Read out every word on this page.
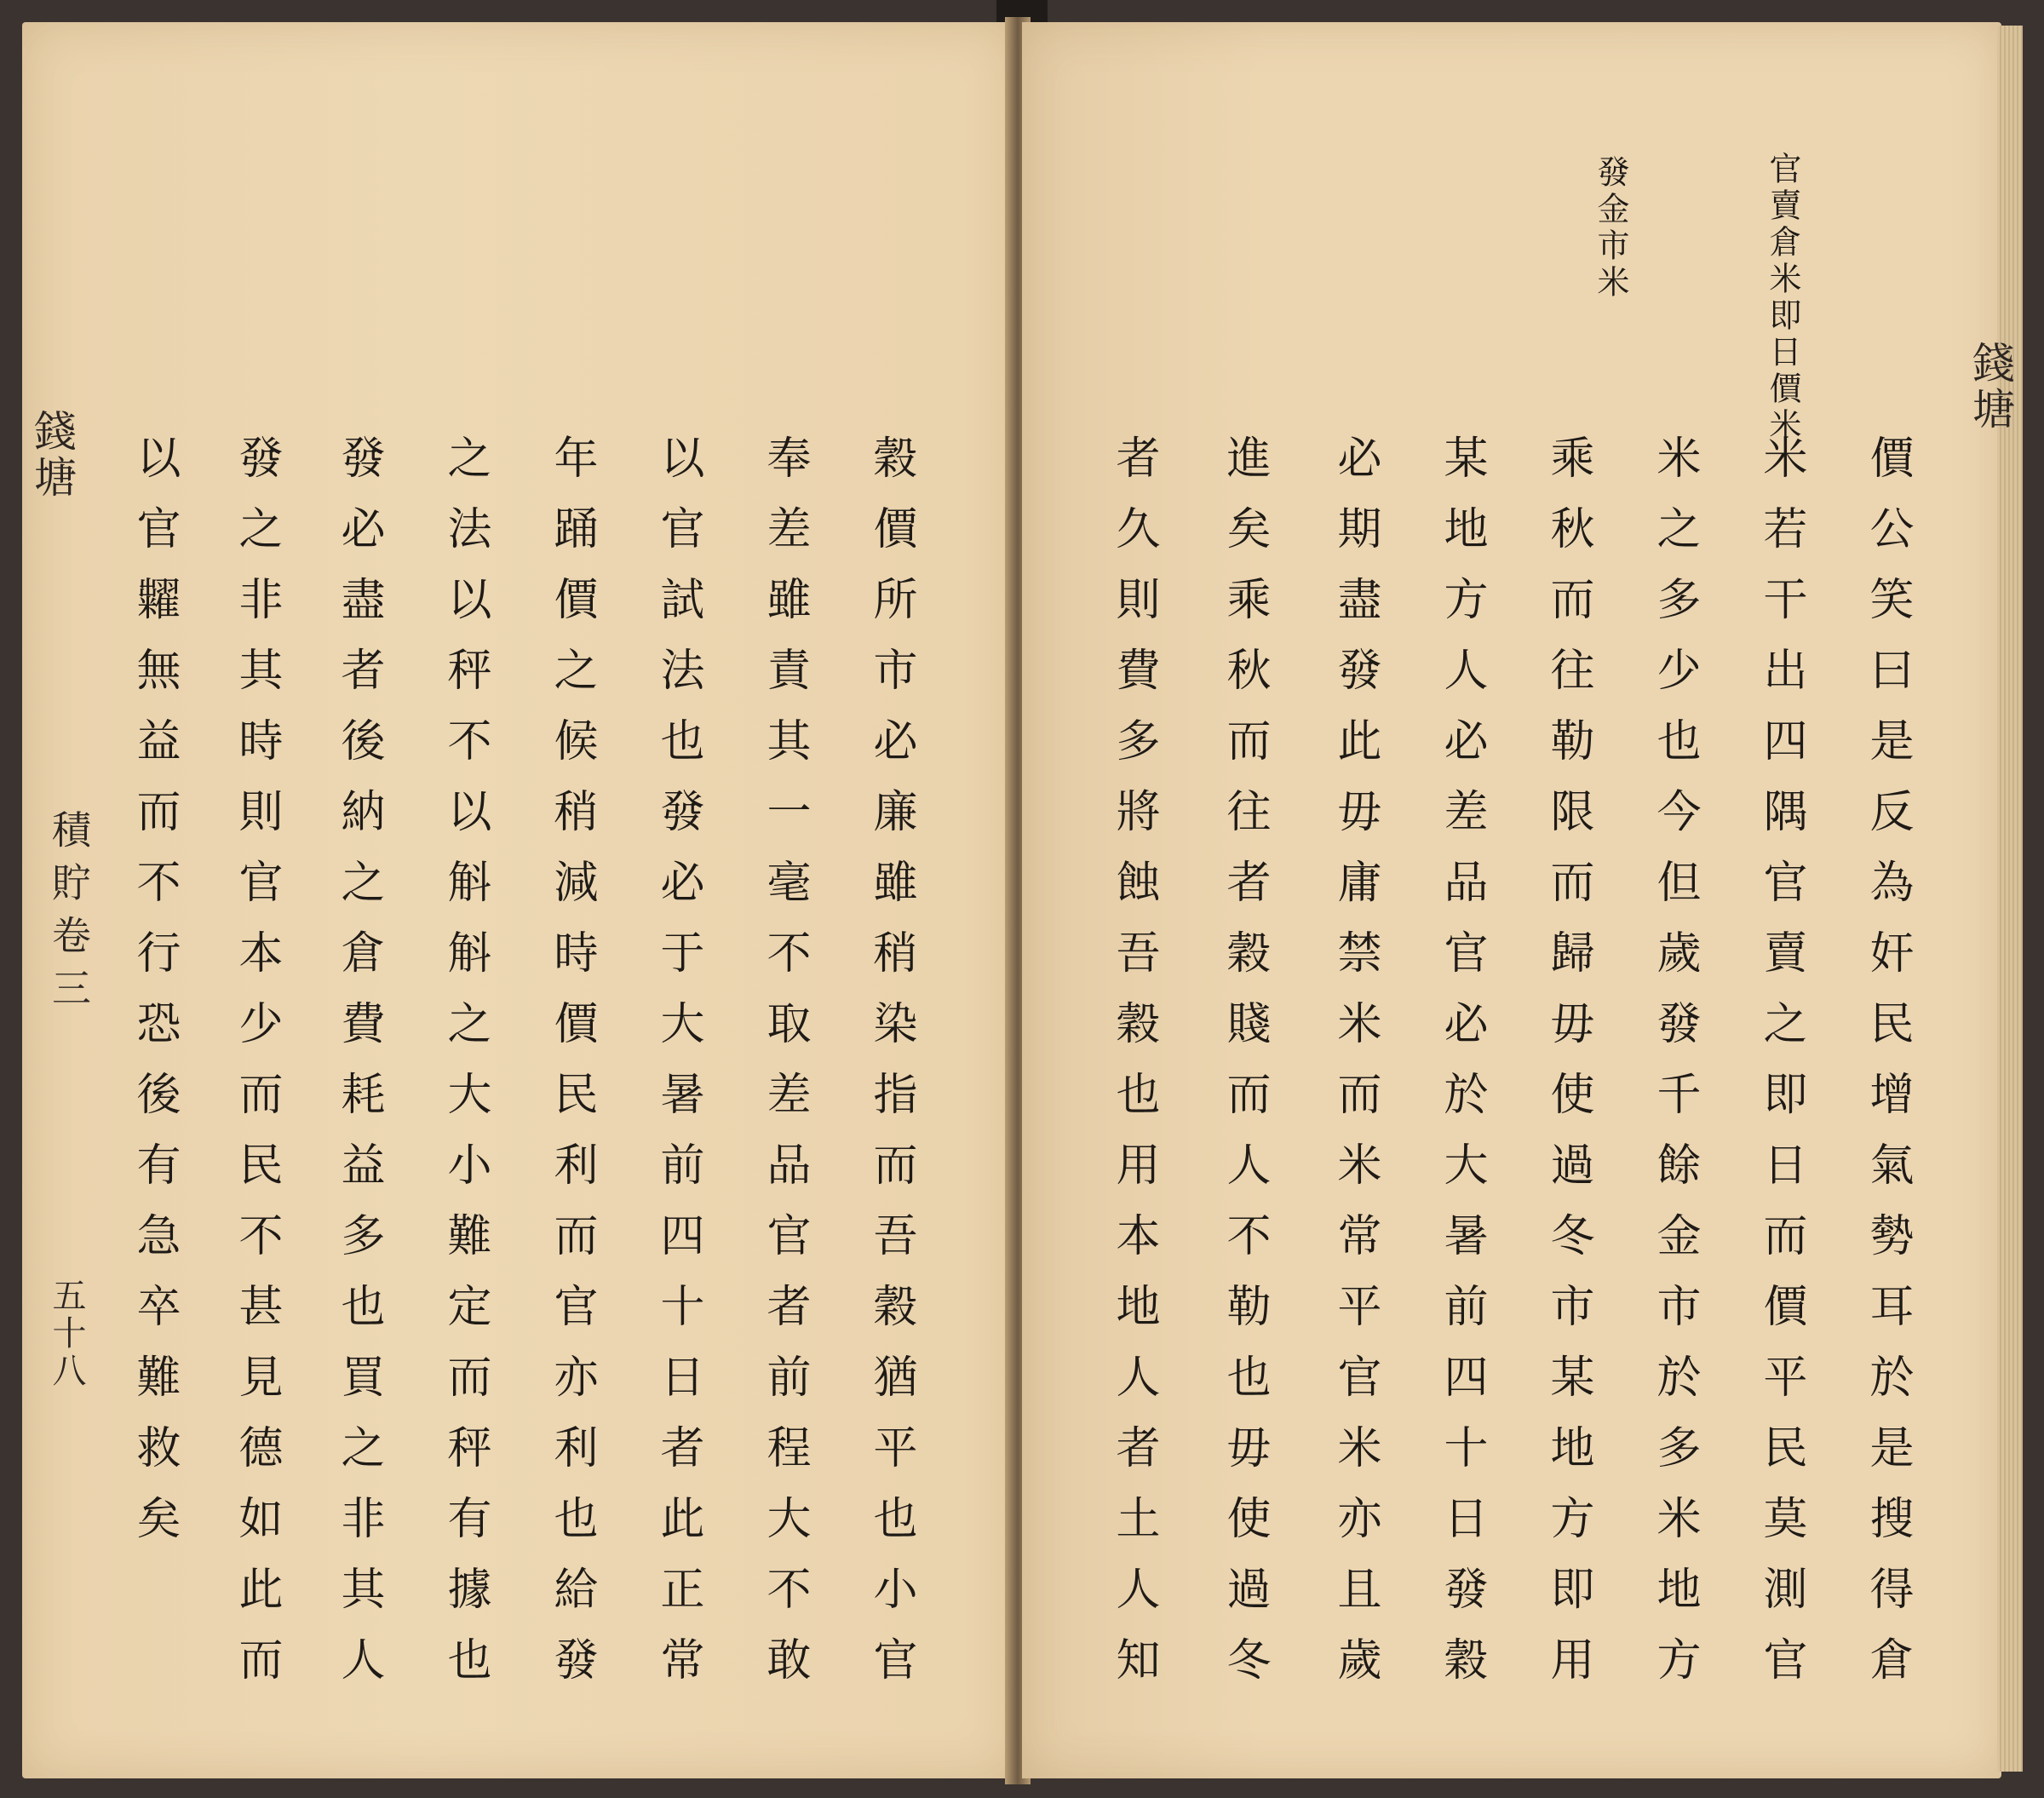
錢塘
積貯卷三
五十八	穀價所市必廉雖稍染指而吾穀猶平也小官
奉差雖責其一毫不取差品官者前程大不敢
以官試法也發必于大暑前四十日者此正常
年踊價之候稍減時價民利而官亦利也給發
之法以秤不以斛斛之大小難定而秤有據也
發必盡者後納之倉費耗益多也買之非其人
發之非其時則官本少而民不甚見德如此而
以官糶無益而不行恐後有急卒難救矣
官賣倉米即日價米
發金市米
錢塘
價公笑曰是反為奸民增氣勢耳於是搜得倉
米若干出四隅官賣之即日而價平民莫測官
米之多少也今但歲發千餘金市於多米地方
乘秋而往勒限而歸毋使過冬市某地方即用
某地方人必差品官必於大暑前四十日發穀
必期盡發此毋庸禁米而米常平官米亦且歲
進矣乘秋而往者穀賤而人不勒也毋使過冬
者久則費多將蝕吾穀也用本地人者土人知
